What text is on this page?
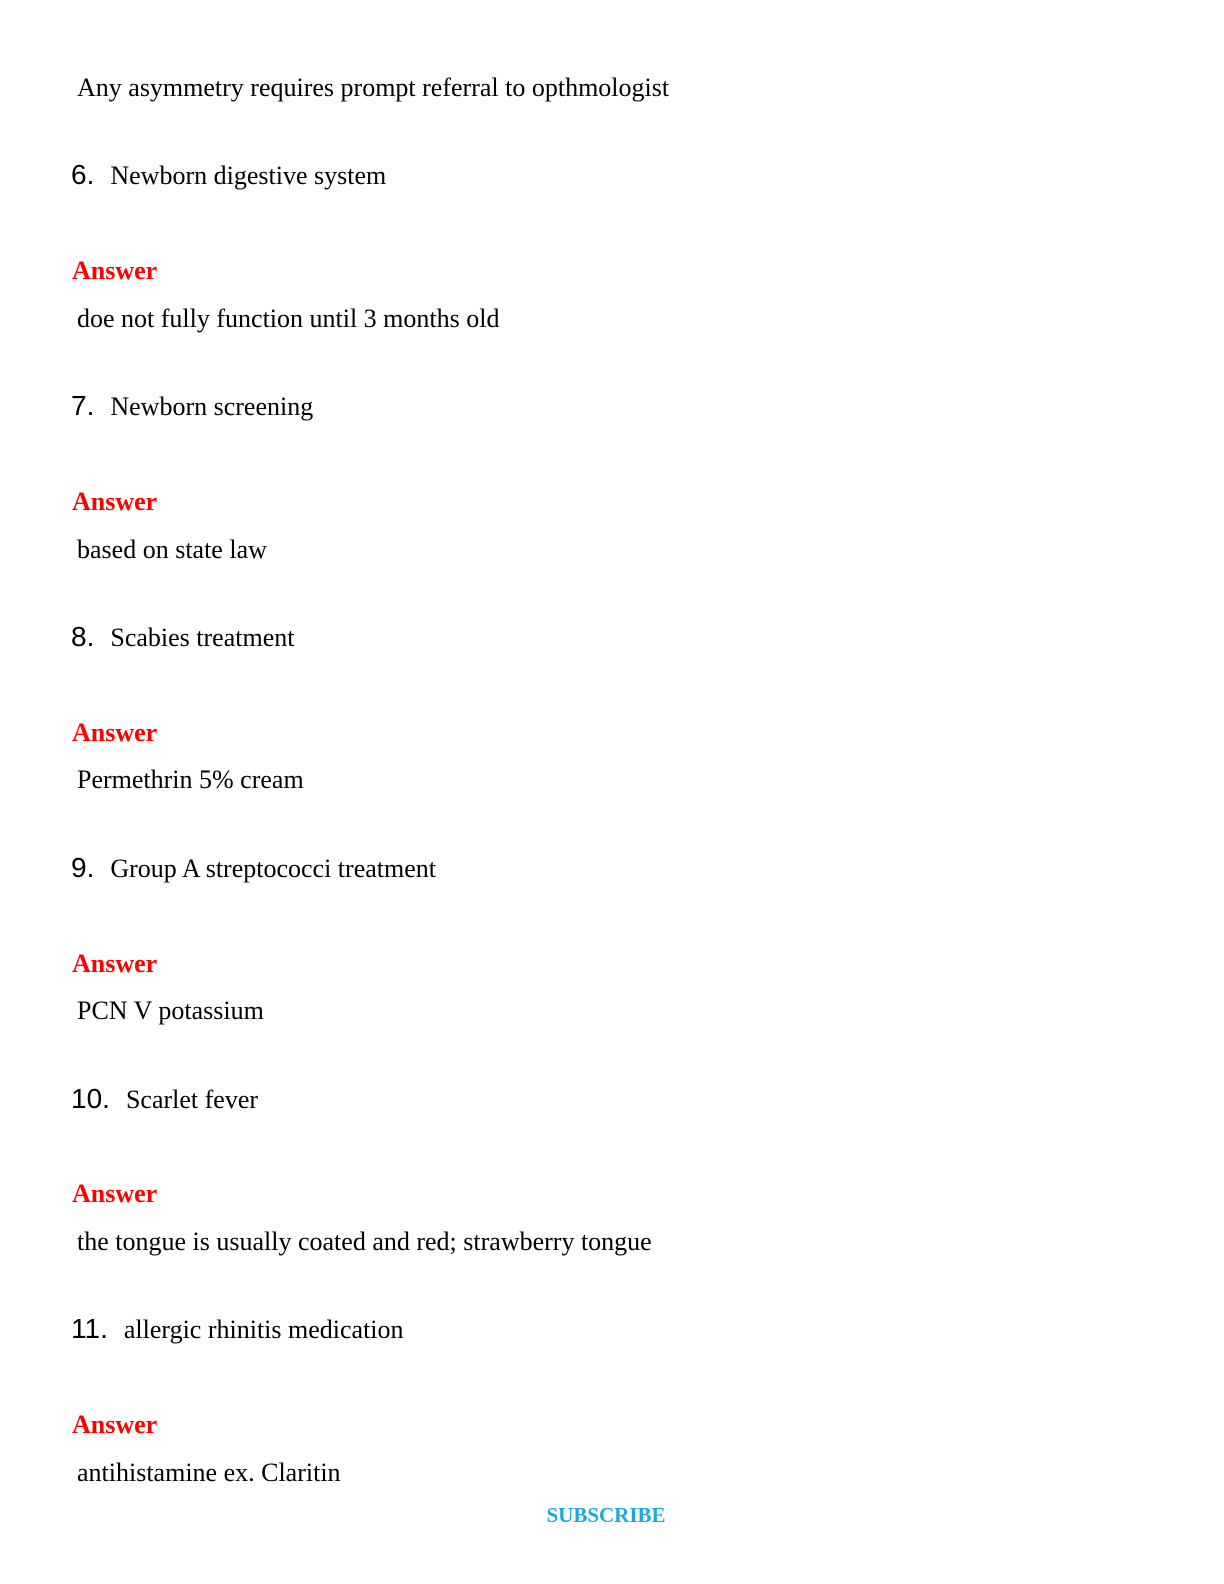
Any asymmetry requires prompt referral to opthmologist
6 . Newborn digestive system
Answer
doe not fully function until 3 months old
7 . Newborn screening
Answer
based on state law
8 . Scabies treatment
Answer
Permethrin 5% cream
9 . Group A streptococci treatment
Answer
PCN V potassium
10 . Scarlet fever
Answer
the tongue is usually coated and red; strawberry tongue
11 . allergic rhinitis medication
Answer
antihistamine ex. Claritin
SUBSCRIBE
